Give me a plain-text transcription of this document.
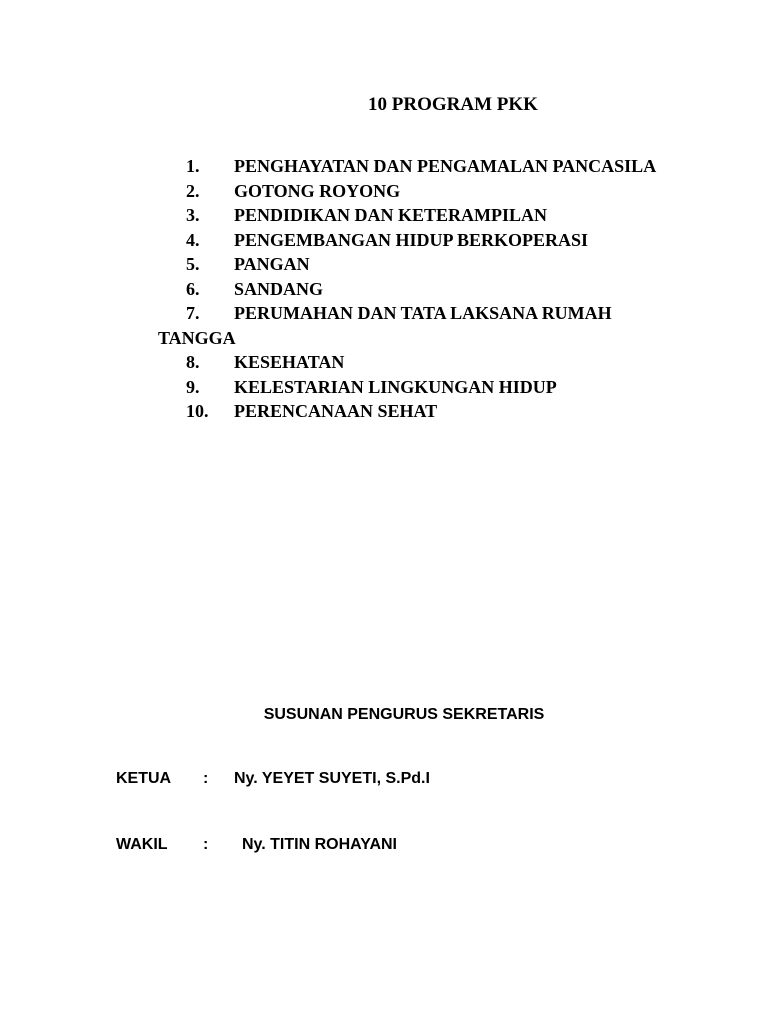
10 PROGRAM PKK
1. PENGHAYATAN DAN PENGAMALAN PANCASILA
2. GOTONG ROYONG
3. PENDIDIKAN DAN KETERAMPILAN
4. PENGEMBANGAN HIDUP BERKOPERASI
5. PANGAN
6. SANDANG
7. PERUMAHAN DAN TATA LAKSANA RUMAH
TANGGA
8. KESEHATAN
9. KELESTARIAN LINGKUNGAN HIDUP
10. PERENCANAAN SEHAT
SUSUNAN PENGURUS SEKRETARIS
KETUA : Ny. YEYET SUYETI, S.Pd.I
WAKIL : Ny. TITIN ROHAYANI
